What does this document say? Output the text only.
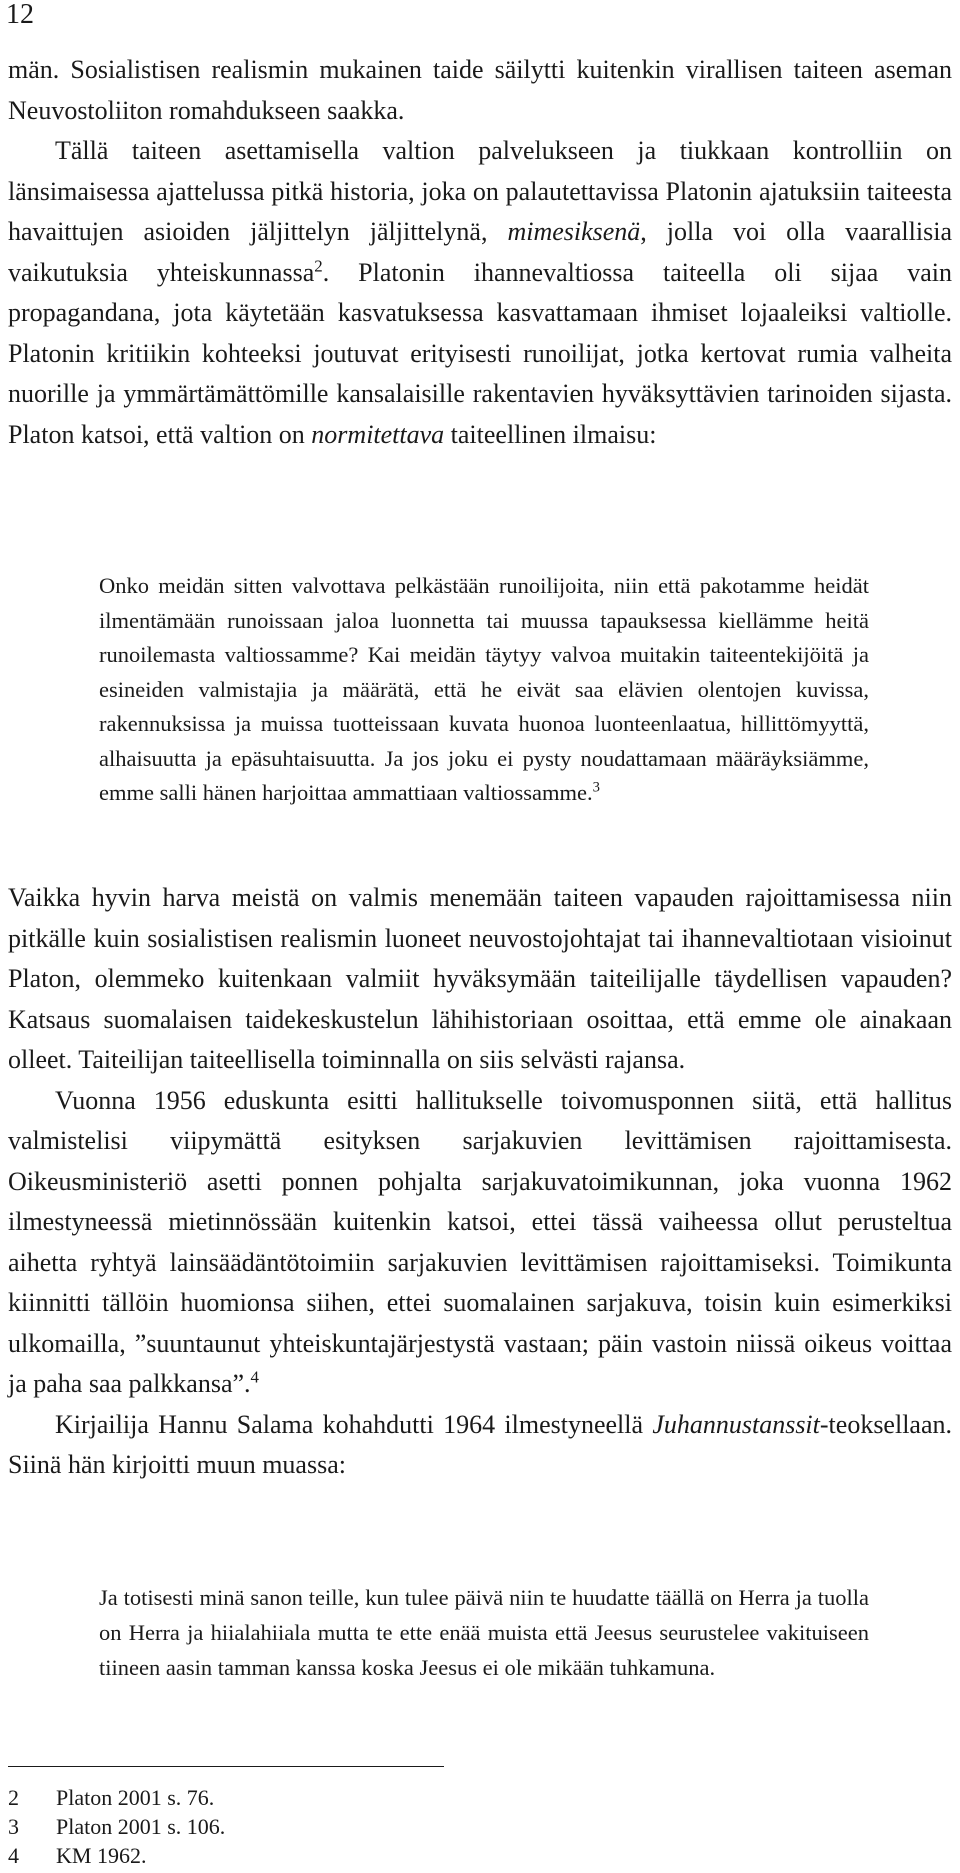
12

män. Sosialistisen realismin mukainen taide säilytti kuitenkin virallisen taiteen aseman Neuvostoliiton romahdukseen saakka.

Tällä taiteen asettamisella valtion palvelukseen ja tiukkaan kontrolliin on länsimaisessa ajattelussa pitkä historia, joka on palautettavissa Platonin ajatuksiin taiteesta havaittujen asioiden jäljittelyn jäljittelynä, mimesiksenä, jolla voi olla vaarallisia vaikutuksia yhteiskunnassa$^2$. Platonin ihannevaltiossa taiteella oli sijaa vain propagandana, jota käytetään kasvatuksessa kasvattamaan ihmiset lojaaleiksi valtiolle. Platonin kritiikin kohteeksi joutuvat erityisesti runoilijat, jotka kertovat rumia valheita nuorille ja ymmärtämättömille kansalaisille rakentavien hyväksyttävien tarinoiden sijasta. Platon katsoi, että valtion on normitettava taiteellinen ilmaisu:

Onko meidän sitten valvottava pelkästään runoilijoita, niin että pakotamme heidät ilmentämään runoissaan jaloa luonnetta tai muussa tapauksessa kiellämme heitä runoilemasta valtiossamme? Kai meidän täytyy valvoa muitakin taiteentekijöitä ja esineiden valmistajia ja määrätä, että he eivät saa elävien olentojen kuvissa, rakennuksissa ja muissa tuotteissaan kuvata huonoa luonteenlaatua, hillittömyyttä, alhaisuutta ja epäsuhtaisuutta. Ja jos joku ei pysty noudattamaan määräyksiämme, emme salli hänen harjoittaa ammattiaan valtiossamme.$^3$

Vaikka hyvin harva meistä on valmis menemään taiteen vapauden rajoittamisessa niin pitkälle kuin sosialistisen realismin luoneet neuvostojohtajat tai ihannevaltiotaan visioinut Platon, olemmeko kuitenkaan valmiit hyväksymään taiteilijalle täydellisen vapauden? Katsaus suomalaisen taidekeskustelun lähihistoriaan osoittaa, että emme ole ainakaan olleet. Taiteilijan taiteellisella toiminnalla on siis selvästi rajansa.

Vuonna 1956 eduskunta esitti hallitukselle toivomusponnen siitä, että hallitus valmistelisi viipymättä esityksen sarjakuvien levittämisen rajoittamisesta. Oikeusministeriö asetti ponnen pohjalta sarjakuvatoimikunnan, joka vuonna 1962 ilmestyneessä mietinnössään kuitenkin katsoi, ettei tässä vaiheessa ollut perusteltua aihetta ryhtyä lainsäädäntötoimiin sarjakuvien levittämisen rajoittamiseksi. Toimikunta kiinnitti tällöin huomionsa siihen, ettei suomalainen sarjakuva, toisin kuin esimerkiksi ulkomailla, ”suuntaunut yhteiskuntajärjestystä vastaan; päin vastoin niissä oikeus voittaa ja paha saa palkkansa”.$^4$

Kirjailija Hannu Salama kohahdutti 1964 ilmestyneellä Juhannustanssit-teoksellaan. Siinä hän kirjoitti muun muassa:

Ja totisesti minä sanon teille, kun tulee päivä niin te huudatte täällä on Herra ja tuolla on Herra ja hiialahiiala mutta te ette enää muista että Jeesus seurustelee vakituiseen tiineen aasin tamman kanssa koska Jeesus ei ole mikään tuhkamuna.

2	Platon 2001 s. 76.
3	Platon 2001 s. 106.
4	KM 1962.
